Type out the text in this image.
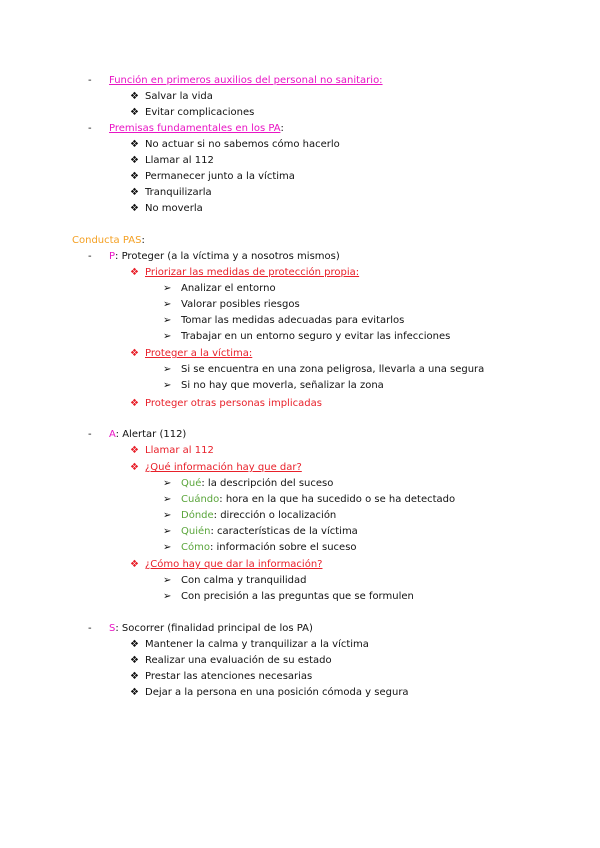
- Función en primeros auxilios del personal no sanitario:
❖ Salvar la vida
❖ Evitar complicaciones
- Premisas fundamentales en los PA:
❖ No actuar si no sabemos cómo hacerlo
❖ Llamar al 112
❖ Permanecer junto a la víctima
❖ Tranquilizarla
❖ No moverla
Conducta PAS:
- P: Proteger (a la víctima y a nosotros mismos)
❖ Priorizar las medidas de protección propia:
➢ Analizar el entorno
➢ Valorar posibles riesgos
➢ Tomar las medidas adecuadas para evitarlos
➢ Trabajar en un entorno seguro y evitar las infecciones
❖ Proteger a la víctima:
➢ Si se encuentra en una zona peligrosa, llevarla a una segura
➢ Si no hay que moverla, señalizar la zona
❖ Proteger otras personas implicadas
- A: Alertar (112)
❖ Llamar al 112
❖ ¿Qué información hay que dar?
➢ Qué: la descripción del suceso
➢ Cuándo: hora en la que ha sucedido o se ha detectado
➢ Dónde: dirección o localización
➢ Quién: características de la víctima
➢ Cómo: información sobre el suceso
❖ ¿Cómo hay que dar la información?
➢ Con calma y tranquilidad
➢ Con precisión a las preguntas que se formulen
- S: Socorrer (finalidad principal de los PA)
❖ Mantener la calma y tranquilizar a la víctima
❖ Realizar una evaluación de su estado
❖ Prestar las atenciones necesarias
❖ Dejar a la persona en una posición cómoda y segura
